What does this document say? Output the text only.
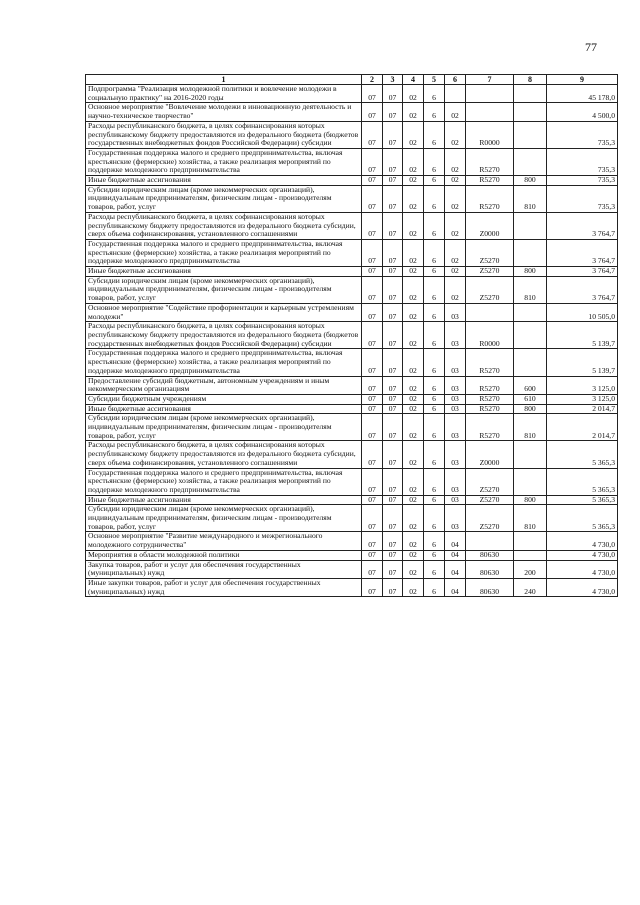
77
1	2	3	4	5	6	7	8	9
Подпрограмма "Реализация молодежной политики и вовлечение молодежи в социальную практику" на 2016-2020 годы	07	07	02	6				45 178,0
Основное мероприятие "Вовлечение молодежи в инновационную деятельность и научно-техническое творчество"	07	07	02	6	02			4 500,0
Расходы республиканского бюджета, в целях софинансирования которых республиканскому бюджету предоставляются из федерального бюджета (бюджетов государственных внебюджетных фондов Российской Федерации) субсидии	07	07	02	6	02	R0000		735,3
Государственная поддержка малого и среднего предпринимательства, включая крестьянские (фермерские) хозяйства, а также реализация мероприятий по поддержке молодежного предпринимательства	07	07	02	6	02	R5270		735,3
Иные бюджетные ассигнования	07	07	02	6	02	R5270	800	735,3
Субсидии юридическим лицам (кроме некоммерческих организаций), индивидуальным предпринимателям, физическим лицам - производителям товаров, работ, услуг	07	07	02	6	02	R5270	810	735,3
Расходы республиканского бюджета, в целях софинансирования которых республиканскому бюджету предоставляются из федерального бюджета субсидии, сверх объема софинансирования, установленного соглашениями	07	07	02	6	02	Z0000		3 764,7
Государственная поддержка малого и среднего предпринимательства, включая крестьянские (фермерские) хозяйства, а также реализация мероприятий по поддержке молодежного предпринимательства	07	07	02	6	02	Z5270		3 764,7
Иные бюджетные ассигнования	07	07	02	6	02	Z5270	800	3 764,7
Субсидии юридическим лицам (кроме некоммерческих организаций), индивидуальным предпринимателям, физическим лицам - производителям товаров, работ, услуг	07	07	02	6	02	Z5270	810	3 764,7
Основное мероприятие "Содействие профориентации и карьерным устремлениям молодежи"	07	07	02	6	03			10 505,0
Расходы республиканского бюджета, в целях софинансирования которых республиканскому бюджету предоставляются из федерального бюджета (бюджетов государственных внебюджетных фондов Российской Федерации) субсидии	07	07	02	6	03	R0000		5 139,7
Государственная поддержка малого и среднего предпринимательства, включая крестьянские (фермерские) хозяйства, а также реализация мероприятий по поддержке молодежного предпринимательства	07	07	02	6	03	R5270		5 139,7
Предоставление субсидий бюджетным, автономным учреждениям и иным некоммерческим организациям	07	07	02	6	03	R5270	600	3 125,0
Субсидии бюджетным учреждениям	07	07	02	6	03	R5270	610	3 125,0
Иные бюджетные ассигнования	07	07	02	6	03	R5270	800	2 014,7
Субсидии юридическим лицам (кроме некоммерческих организаций), индивидуальным предпринимателям, физическим лицам - производителям товаров, работ, услуг	07	07	02	6	03	R5270	810	2 014,7
Расходы республиканского бюджета, в целях софинансирования которых республиканскому бюджету предоставляются из федерального бюджета субсидии, сверх объема софинансирования, установленного соглашениями	07	07	02	6	03	Z0000		5 365,3
Государственная поддержка малого и среднего предпринимательства, включая крестьянские (фермерские) хозяйства, а также реализация мероприятий по поддержке молодежного предпринимательства	07	07	02	6	03	Z5270		5 365,3
Иные бюджетные ассигнования	07	07	02	6	03	Z5270	800	5 365,3
Субсидии юридическим лицам (кроме некоммерческих организаций), индивидуальным предпринимателям, физическим лицам - производителям товаров, работ, услуг	07	07	02	6	03	Z5270	810	5 365,3
Основное мероприятие "Развитие международного и межрегионального молодежного сотрудничества"	07	07	02	6	04			4 730,0
Мероприятия в области молодежной политики	07	07	02	6	04	80630		4 730,0
Закупка товаров, работ и услуг для обеспечения государственных (муниципальных) нужд	07	07	02	6	04	80630	200	4 730,0
Иные закупки товаров, работ и услуг для обеспечения государственных (муниципальных) нужд	07	07	02	6	04	80630	240	4 730,0
